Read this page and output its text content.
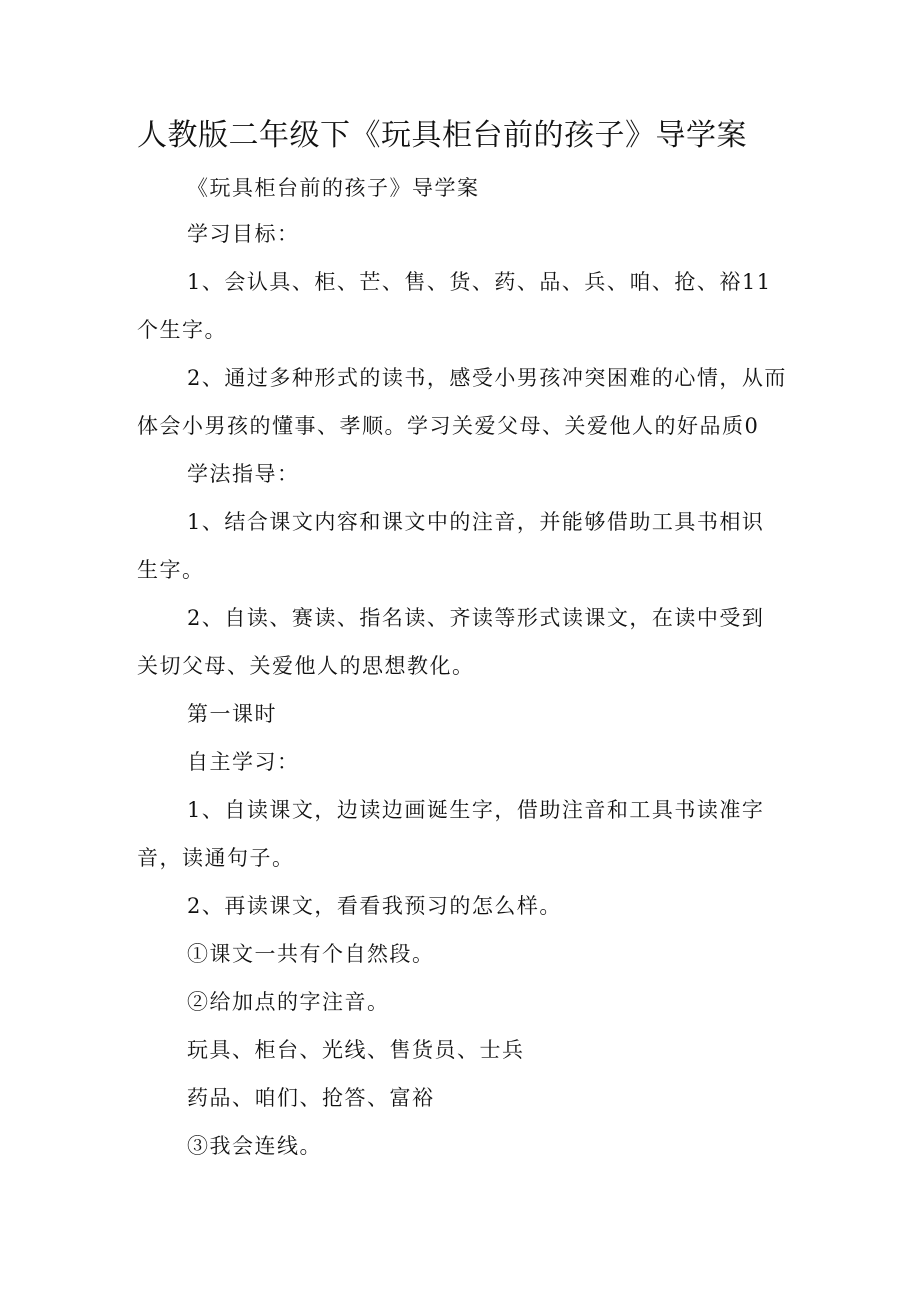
人教版二年级下《玩具柜台前的孩子》导学案
《玩具柜台前的孩子》导学案
学习目标：
1、会认具、柜、芒、售、货、药、品、兵、咱、抢、裕11
个生字。
2、通过多种形式的读书，感受小男孩冲突困难的心情，从而
体会小男孩的懂事、孝顺。学习关爱父母、关爱他人的好品质0
学法指导：
1、结合课文内容和课文中的注音，并能够借助工具书相识
生字。
2、自读、赛读、指名读、齐读等形式读课文，在读中受到
关切父母、关爱他人的思想教化。
第一课时
自主学习：
1、自读课文，边读边画诞生字，借助注音和工具书读准字
音，读通句子。
2、再读课文，看看我预习的怎么样。
①课文一共有个自然段。
②给加点的字注音。
玩具、柜台、光线、售货员、士兵
药品、咱们、抢答、富裕
③我会连线。
